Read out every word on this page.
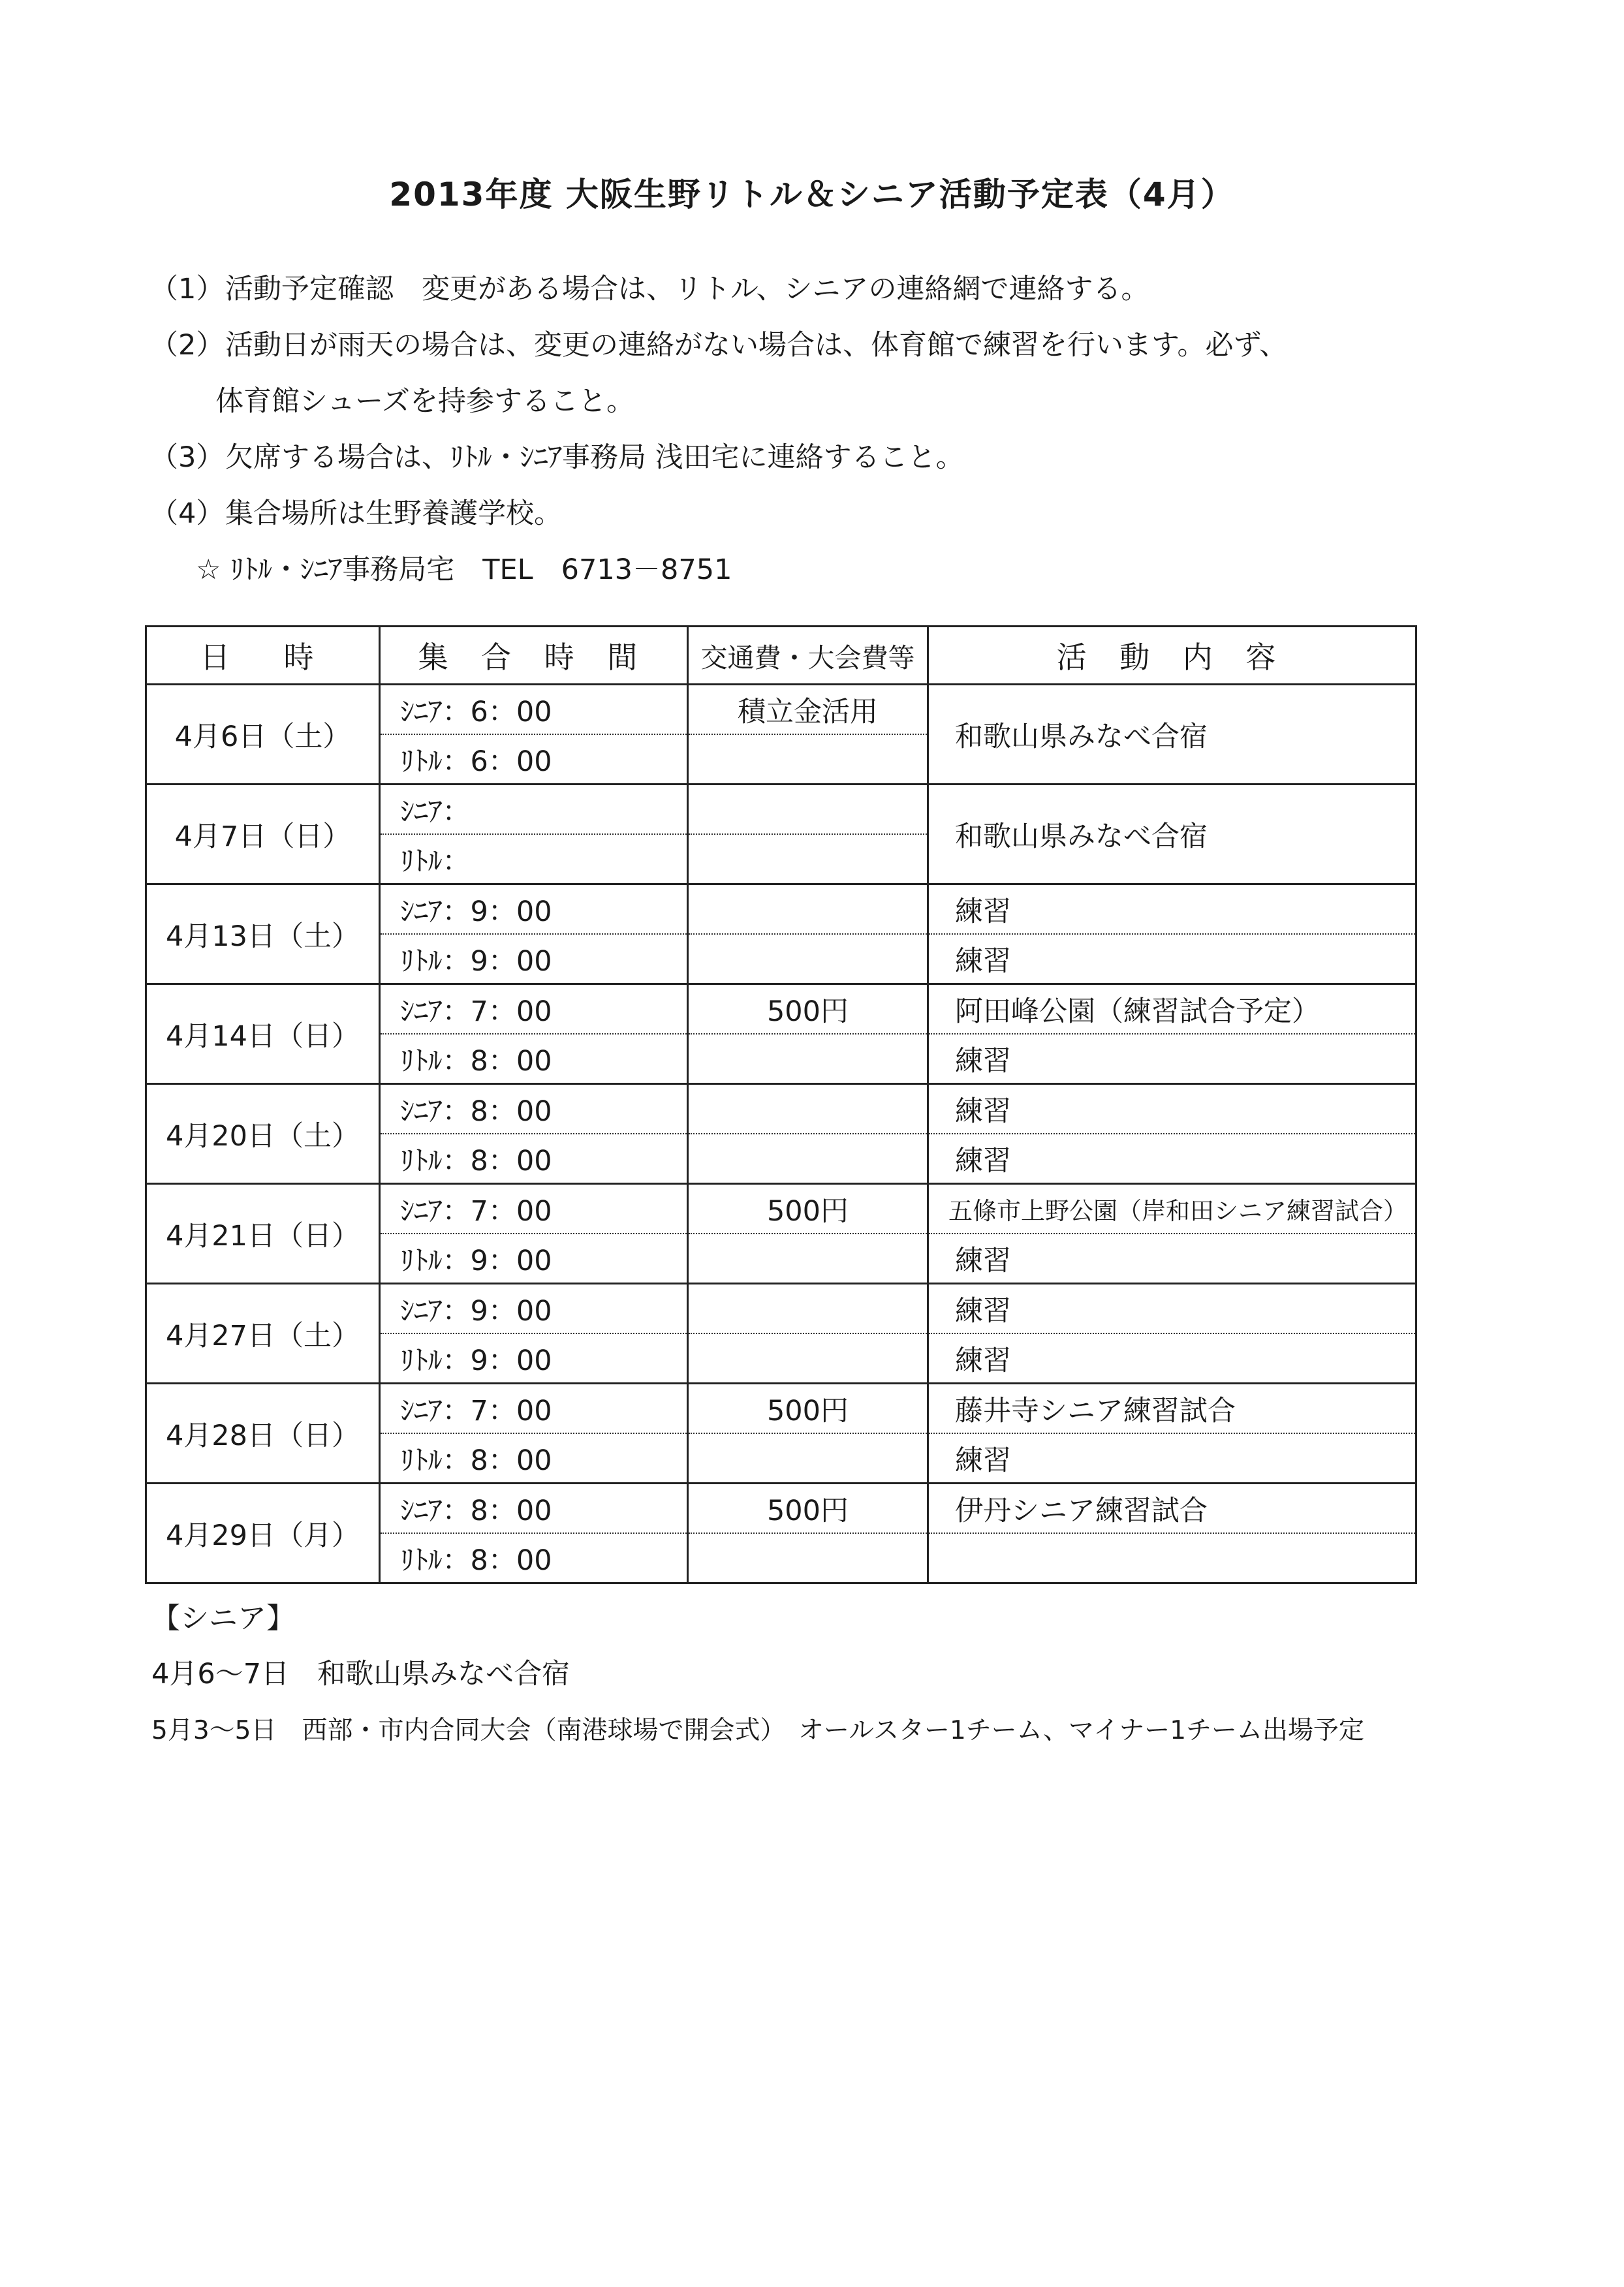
2013年度 大阪生野リトル＆シニア活動予定表（4月）
（1）活動予定確認　変更がある場合は、リトル、シニアの連絡網で連絡する。
（2）活動日が雨天の場合は、変更の連絡がない場合は、体育館で練習を行います。必ず、
体育館シューズを持参すること。
（3）欠席する場合は、ﾘﾄﾙ・ｼﾆｱ事務局 浅田宅に連絡すること。
（4）集合場所は生野養護学校。
☆ ﾘﾄﾙ・ｼﾆｱ事務局宅　TEL　6713－8751
日　時	集 合 時 間	交通費・大会費等	活 動 内 容
4月6日（土）	ｼﾆｱ：6：00	積立金活用	和歌山県みなべ合宿
	ﾘﾄﾙ：6：00		
4月7日（日）	ｼﾆｱ：		和歌山県みなべ合宿
	ﾘﾄﾙ：		
4月13日（土）	ｼﾆｱ：9：00		練習
	ﾘﾄﾙ：9：00		練習
4月14日（日）	ｼﾆｱ：7：00	500円	阿田峰公園（練習試合予定）
	ﾘﾄﾙ：8：00		練習
4月20日（土）	ｼﾆｱ：8：00		練習
	ﾘﾄﾙ：8：00		練習
4月21日（日）	ｼﾆｱ：7：00	500円	五條市上野公園（岸和田シニア練習試合）
	ﾘﾄﾙ：9：00		練習
4月27日（土）	ｼﾆｱ：9：00		練習
	ﾘﾄﾙ：9：00		練習
4月28日（日）	ｼﾆｱ：7：00	500円	藤井寺シニア練習試合
	ﾘﾄﾙ：8：00		練習
4月29日（月）	ｼﾆｱ：8：00	500円	伊丹シニア練習試合
	ﾘﾄﾙ：8：00		
【シニア】
4月6～7日　和歌山県みなべ合宿
5月3～5日　西部・市内合同大会（南港球場で開会式）　オールスター1チーム、マイナー1チーム出場予定
